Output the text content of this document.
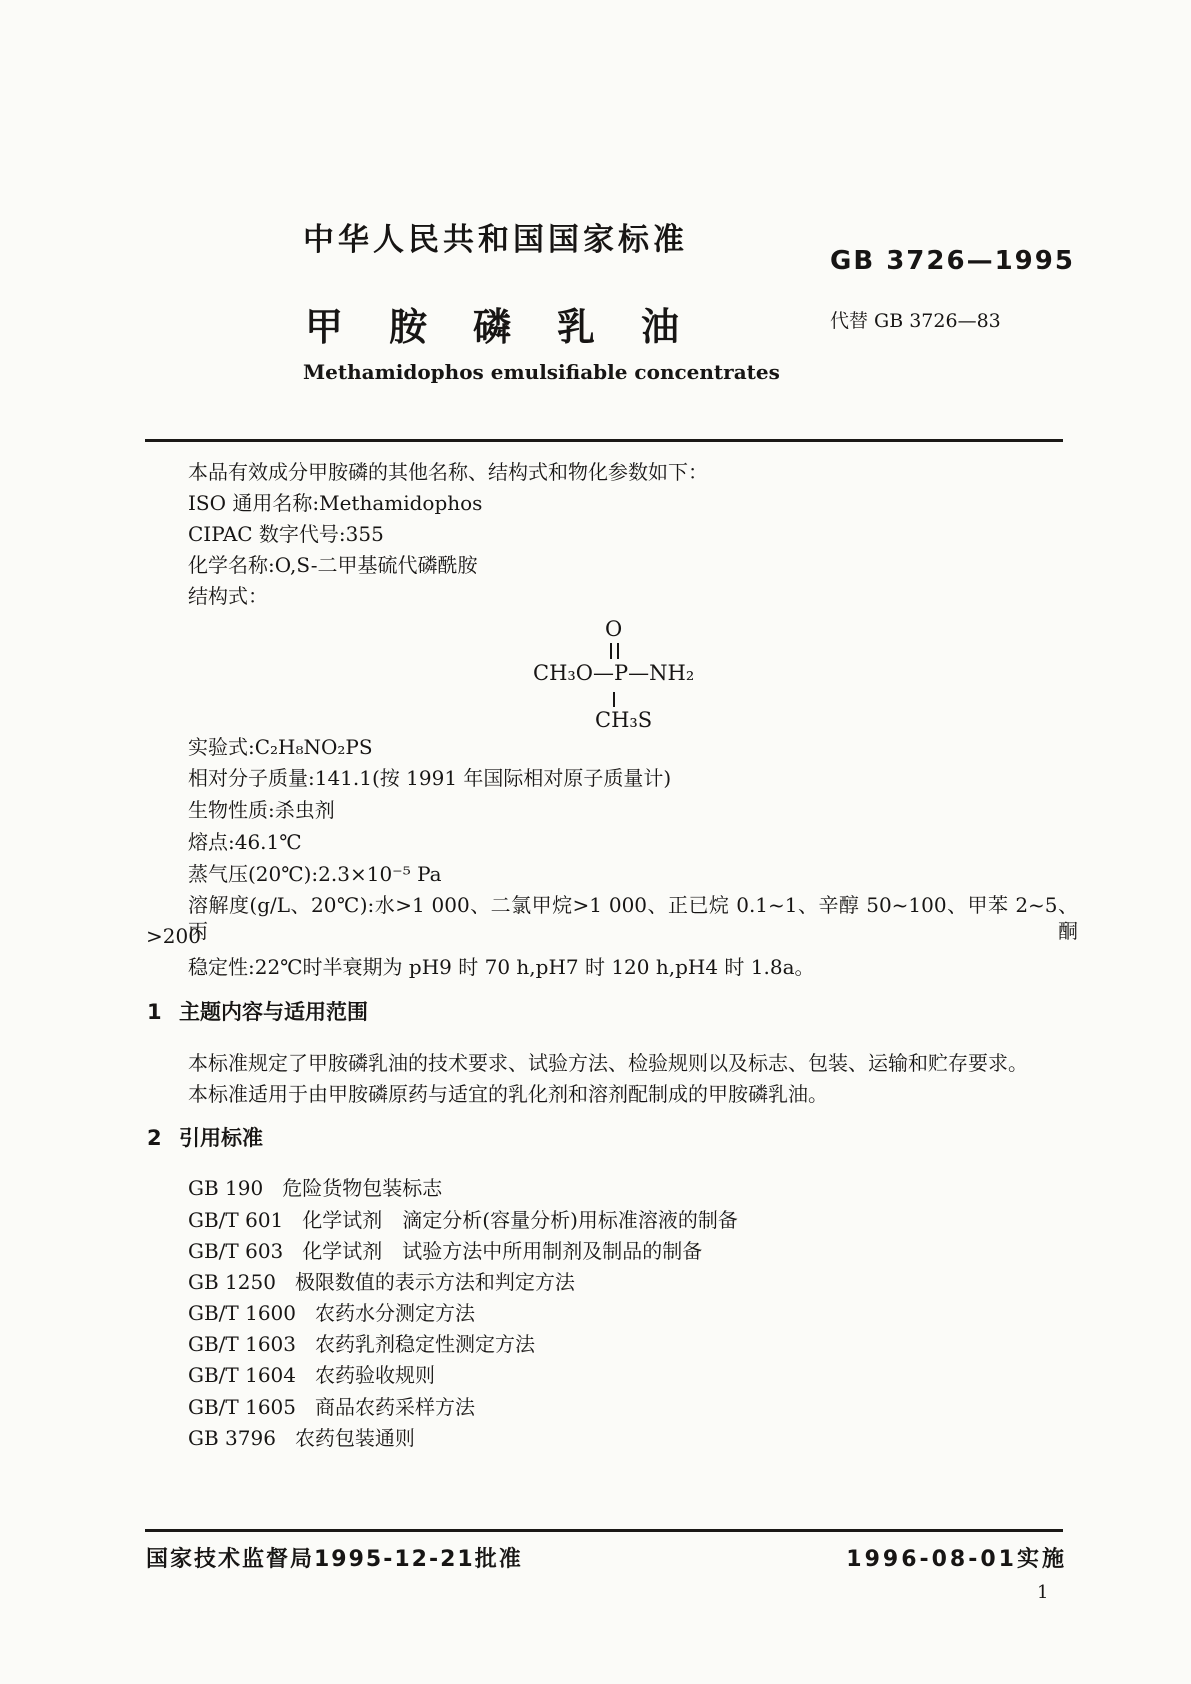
中华人民共和国国家标准
GB 3726—1995
甲胺磷乳油	代替 GB 3726—83
Methamidophos emulsifiable concentrates
本品有效成分甲胺磷的其他名称、结构式和物化参数如下：
ISO 通用名称:Methamidophos
CIPAC 数字代号:355
化学名称:O,S-二甲基硫代磷酰胺
结构式：
O
CH₃O—P—NH₂
CH₃S
实验式:C₂H₈NO₂PS
相对分子质量:141.1(按 1991 年国际相对原子质量计)
生物性质:杀虫剂
熔点:46.1℃
蒸气压(20℃):2.3×10⁻⁵ Pa
溶解度(g/L、20℃):水>1 000、二氯甲烷>1 000、正已烷 0.1~1、辛醇 50~100、甲苯 2~5、丙酮
>200
稳定性:22℃时半衰期为 pH9 时 70 h,pH7 时 120 h,pH4 时 1.8a。
1 主题内容与适用范围
本标准规定了甲胺磷乳油的技术要求、试验方法、检验规则以及标志、包装、运输和贮存要求。
本标准适用于由甲胺磷原药与适宜的乳化剂和溶剂配制成的甲胺磷乳油。
2 引用标准
GB 190 危险货物包装标志
GB/T 601 化学试剂　滴定分析(容量分析)用标准溶液的制备
GB/T 603 化学试剂　试验方法中所用制剂及制品的制备
GB 1250 极限数值的表示方法和判定方法
GB/T 1600 农药水分测定方法
GB/T 1603 农药乳剂稳定性测定方法
GB/T 1604 农药验收规则
GB/T 1605 商品农药采样方法
GB 3796 农药包装通则
国家技术监督局1995-12-21批准	1996-08-01实施
1
